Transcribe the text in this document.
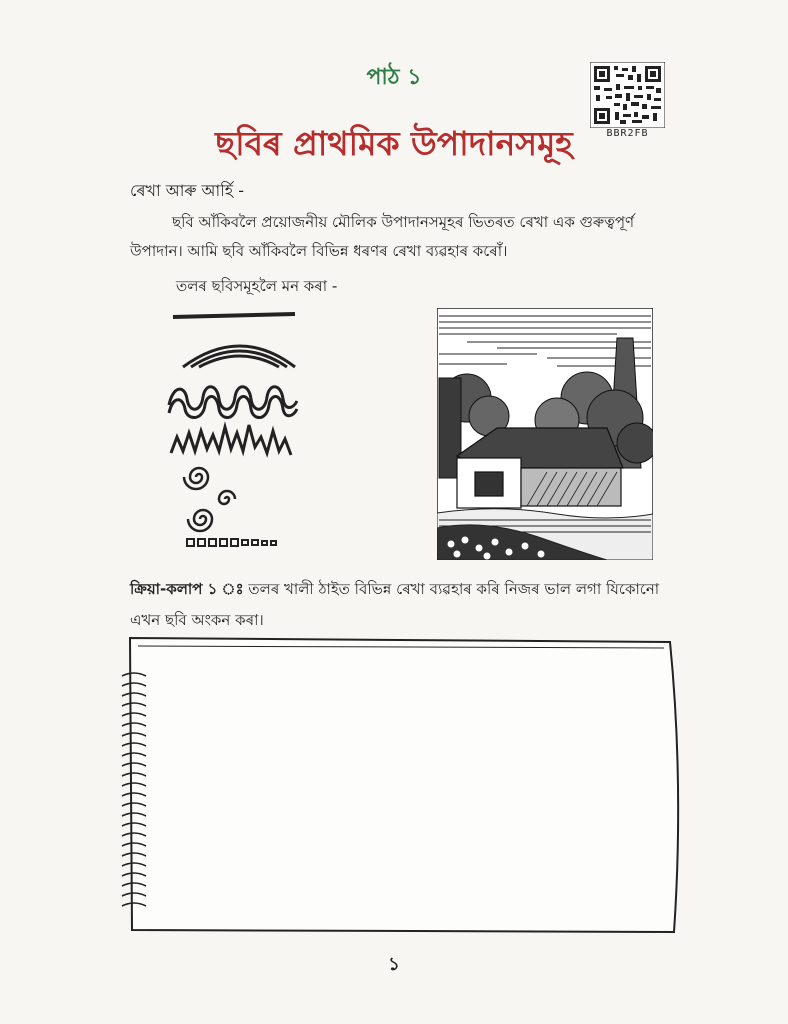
পাঠ ১
BBR2FB
ছবিৰ প্ৰাথমিক উপাদানসমূহ
ৰেখা আৰু আৰ্হি -
ছবি আঁকিবলৈ প্ৰয়োজনীয় মৌলিক উপাদানসমূহৰ ভিতৰত ৰেখা এক গুৰুত্বপূৰ্ণ উপাদান। আমি ছবি আঁকিবলৈ বিভিন্ন ধৰণৰ ৰেখা ব্যৱহাৰ কৰোঁ।
তলৰ ছবিসমূহলৈ মন কৰা -
ক্ৰিয়া-কলাপ ১ ঃ তলৰ খালী ঠাইত বিভিন্ন ৰেখা ব্যৱহাৰ কৰি নিজৰ ভাল লগা যিকোনো এখন ছবি অংকন কৰা।
১
